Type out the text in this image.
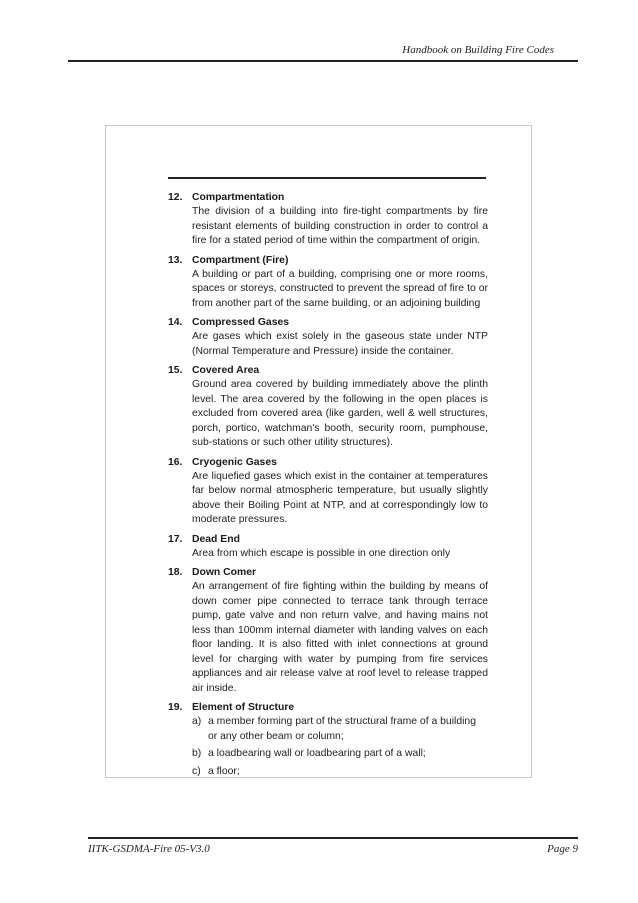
Handbook on Building Fire Codes
12. Compartmentation
The division of a building into fire-tight compartments by fire resistant elements of building construction in order to control a fire for a stated period of time within the compartment of origin.
13. Compartment (Fire)
A building or part of a building, comprising one or more rooms, spaces or storeys, constructed to prevent the spread of fire to or from another part of the same building, or an adjoining building
14. Compressed Gases
Are gases which exist solely in the gaseous state under NTP (Normal Temperature and Pressure) inside the container.
15. Covered Area
Ground area covered by building immediately above the plinth level. The area covered by the following in the open places is excluded from covered area (like garden, well & well structures, porch, portico, watchman's booth, security room, pumphouse, sub-stations or such other utility structures).
16. Cryogenic Gases
Are liquefied gases which exist in the container at temperatures far below normal atmospheric temperature, but usually slightly above their Boiling Point at NTP, and at correspondingly low to moderate pressures.
17. Dead End
Area from which escape is possible in one direction only
18. Down Comer
An arrangement of fire fighting within the building by means of down comer pipe connected to terrace tank through terrace pump, gate valve and non return valve, and having mains not less than 100mm internal diameter with landing valves on each floor landing. It is also fitted with inlet connections at ground level for charging with water by pumping from fire services appliances and air release valve at roof level to release trapped air inside.
19. Element of Structure
a) a member forming part of the structural frame of a building or any other beam or column;
b) a loadbearing wall or loadbearing part of a wall;
c) a floor;
IITK-GSDMA-Fire 05-V3.0	Page 9
